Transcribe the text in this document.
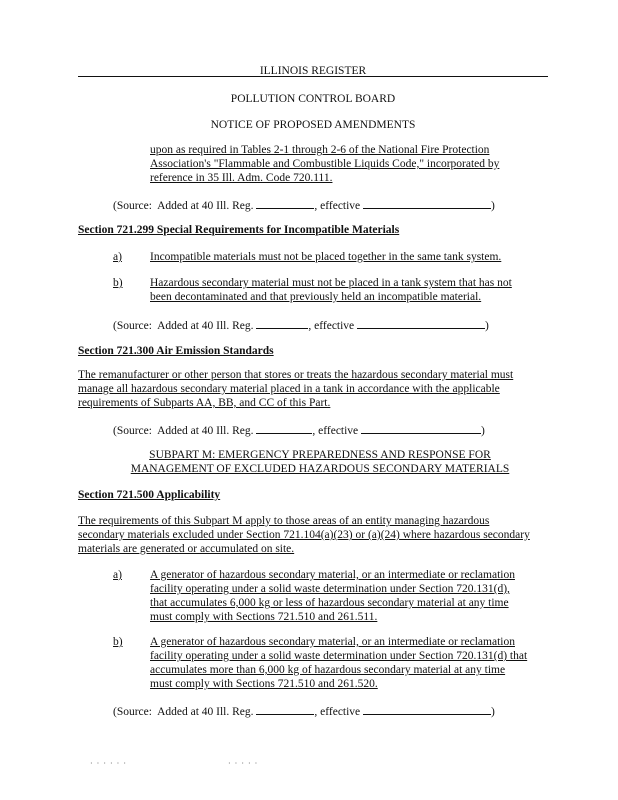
ILLINOIS REGISTER
POLLUTION CONTROL BOARD
NOTICE OF PROPOSED AMENDMENTS
upon as required in Tables 2-1 through 2-6 of the National Fire Protection Association's "Flammable and Combustible Liquids Code," incorporated by reference in 35 Ill. Adm. Code 720.111.
(Source:  Added at 40 Ill. Reg.	, effective	)
Section 721.299 Special Requirements for Incompatible Materials
a) Incompatible materials must not be placed together in the same tank system.
b) Hazardous secondary material must not be placed in a tank system that has not been decontaminated and that previously held an incompatible material.
(Source:  Added at 40 Ill. Reg.	, effective	)
Section 721.300 Air Emission Standards
The remanufacturer or other person that stores or treats the hazardous secondary material must manage all hazardous secondary material placed in a tank in accordance with the applicable requirements of Subparts AA, BB, and CC of this Part.
(Source:  Added at 40 Ill. Reg.	, effective	)
SUBPART M: EMERGENCY PREPAREDNESS AND RESPONSE FOR
MANAGEMENT OF EXCLUDED HAZARDOUS SECONDARY MATERIALS
Section 721.500 Applicability
The requirements of this Subpart M apply to those areas of an entity managing hazardous secondary materials excluded under Section 721.104(a)(23) or (a)(24) where hazardous secondary materials are generated or accumulated on site.
a) A generator of hazardous secondary material, or an intermediate or reclamation facility operating under a solid waste determination under Section 720.131(d), that accumulates 6,000 kg or less of hazardous secondary material at any time must comply with Sections 721.510 and 261.511.
b) A generator of hazardous secondary material, or an intermediate or reclamation facility operating under a solid waste determination under Section 720.131(d) that accumulates more than 6,000 kg of hazardous secondary material at any time must comply with Sections 721.510 and 261.520.
(Source:  Added at 40 Ill. Reg.	, effective	)
· · · · · ·	· · · · ·
